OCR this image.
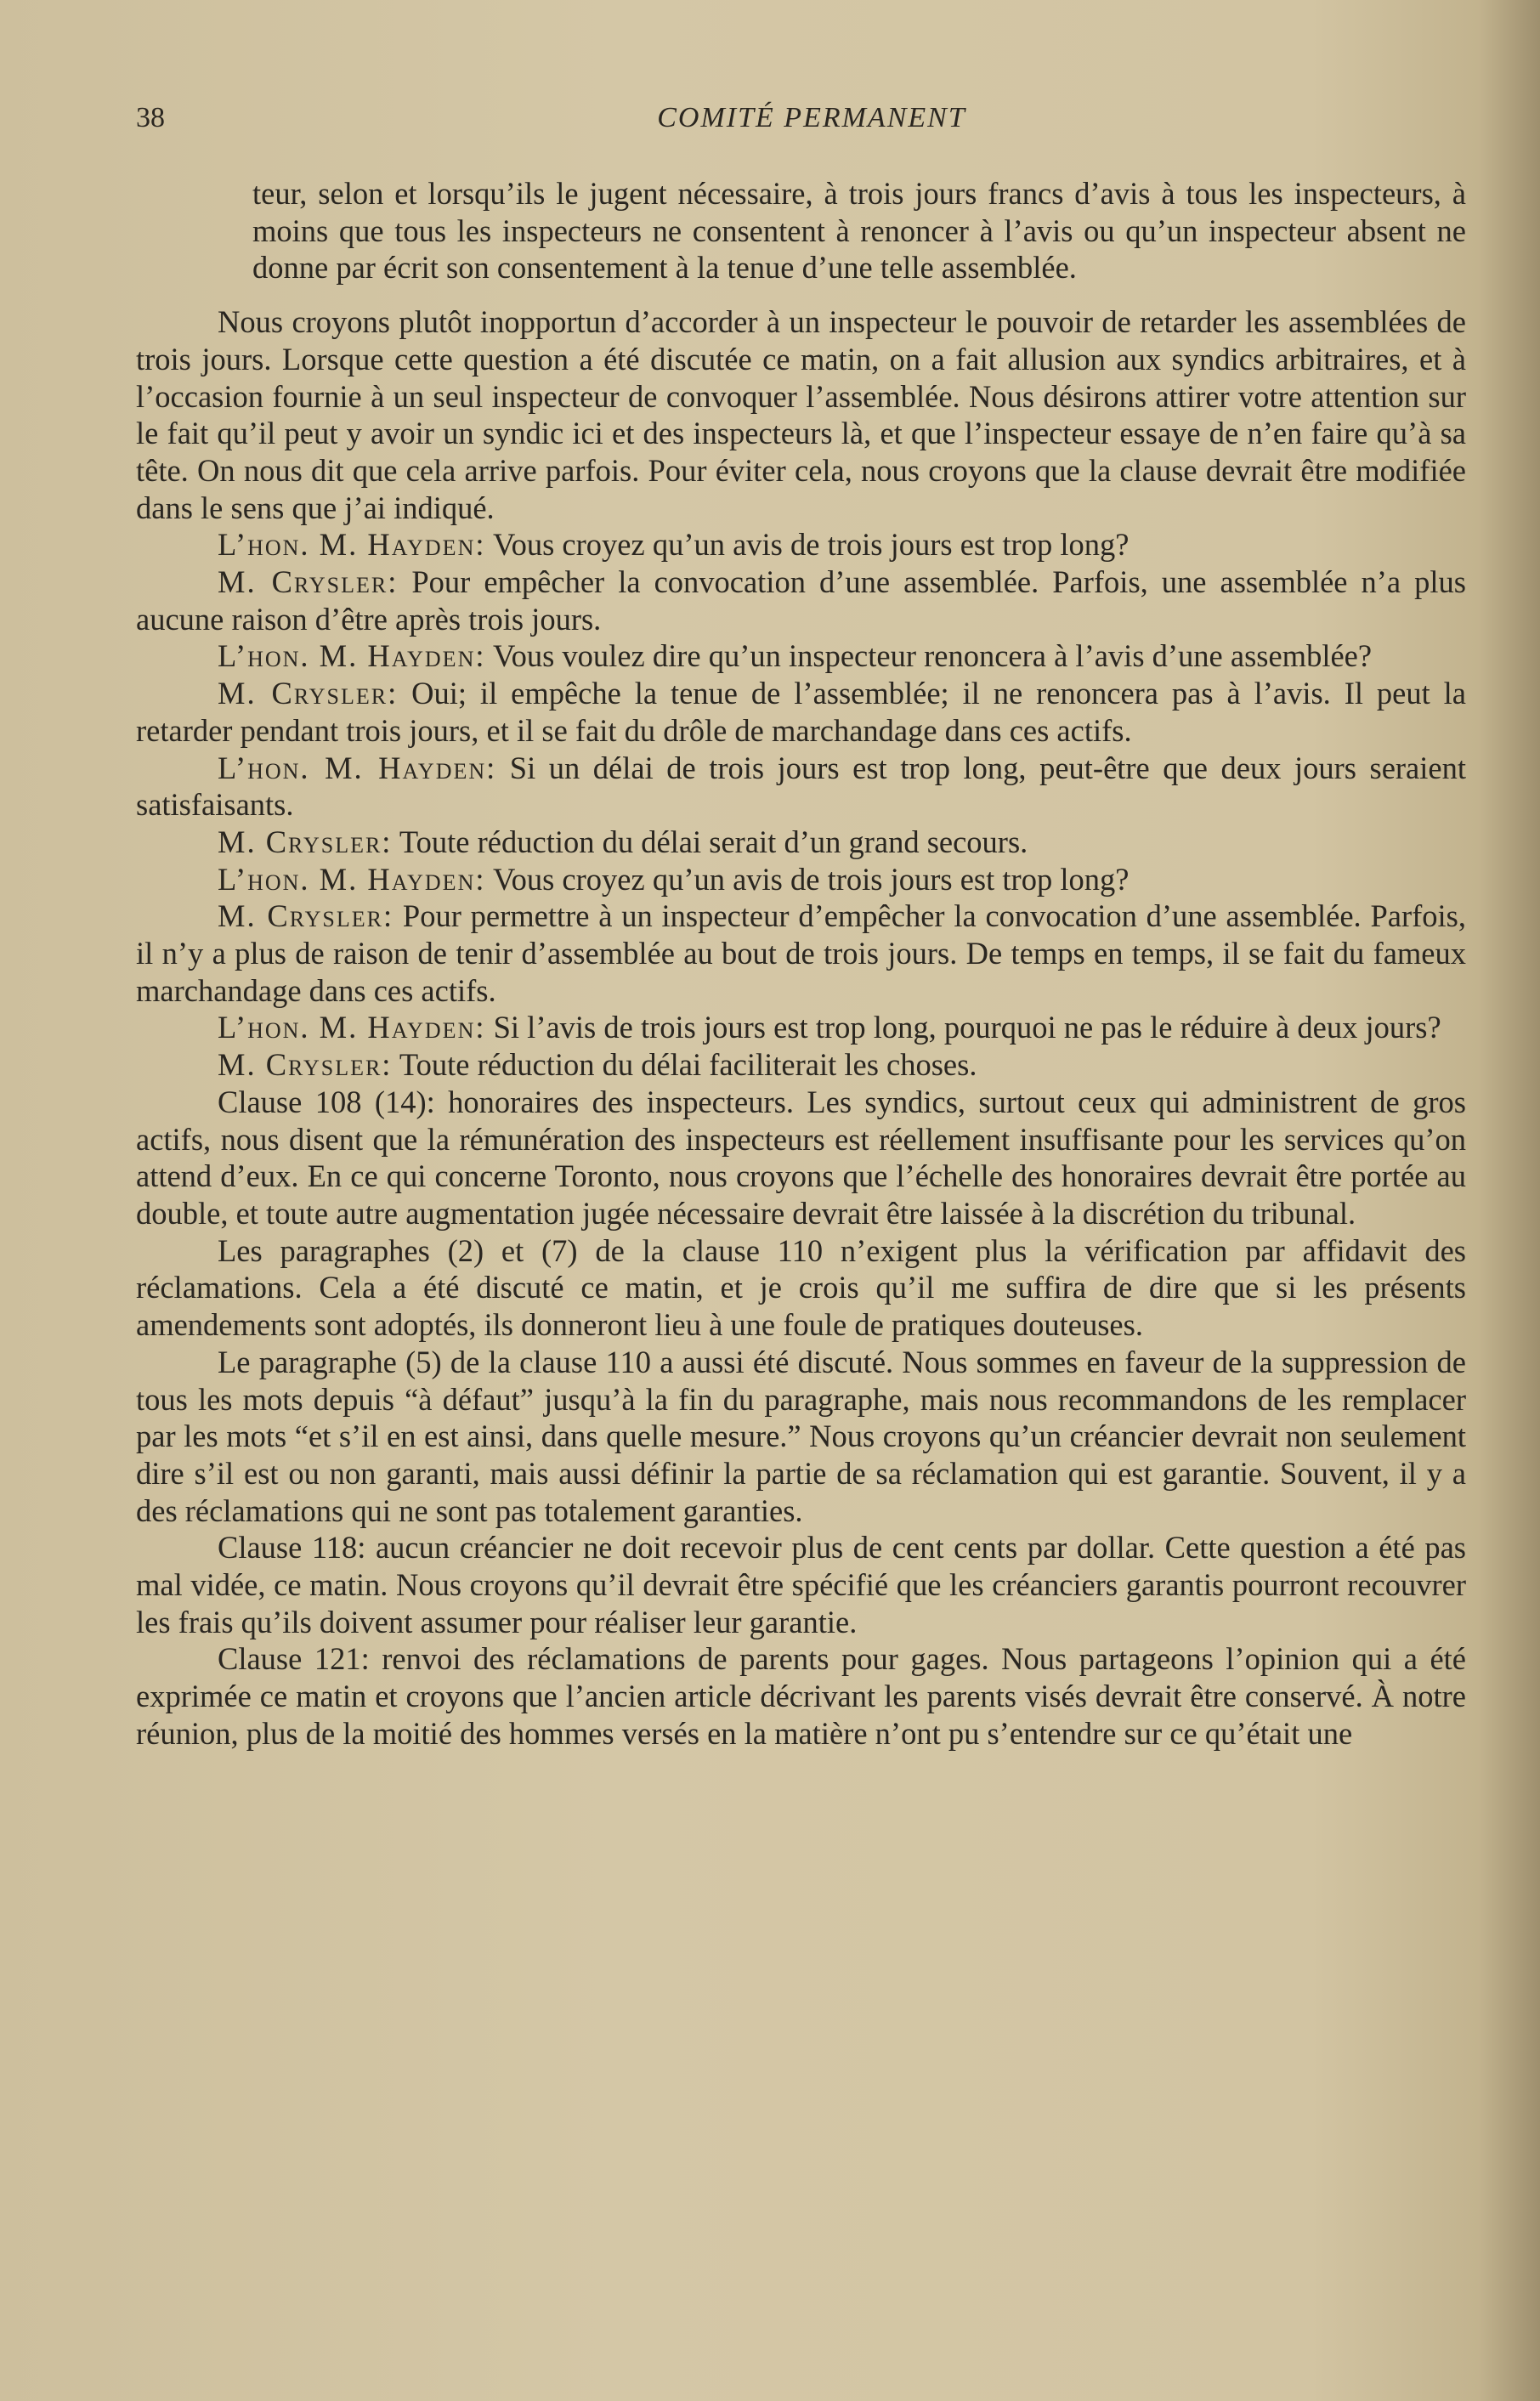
38	COMITÉ PERMANENT

teur, selon et lorsqu’ils le jugent nécessaire, à trois jours francs d’avis à tous les inspecteurs, à moins que tous les inspecteurs ne consentent à renoncer à l’avis ou qu’un inspecteur absent ne donne par écrit son consentement à la tenue d’une telle assemblée.

Nous croyons plutôt inopportun d’accorder à un inspecteur le pouvoir de retarder les assemblées de trois jours. Lorsque cette question a été discutée ce matin, on a fait allusion aux syndics arbitraires, et à l’occasion fournie à un seul inspecteur de convoquer l’assemblée. Nous désirons attirer votre attention sur le fait qu’il peut y avoir un syndic ici et des inspecteurs là, et que l’inspecteur essaye de n’en faire qu’à sa tête. On nous dit que cela arrive parfois. Pour éviter cela, nous croyons que la clause devrait être modifiée dans le sens que j’ai indiqué.

L’hon. M. Hayden: Vous croyez qu’un avis de trois jours est trop long?

M. Crysler: Pour empêcher la convocation d’une assemblée. Parfois, une assemblée n’a plus aucune raison d’être après trois jours.

L’hon. M. Hayden: Vous voulez dire qu’un inspecteur renoncera à l’avis d’une assemblée?

M. Crysler: Oui; il empêche la tenue de l’assemblée; il ne renoncera pas à l’avis. Il peut la retarder pendant trois jours, et il se fait du drôle de marchandage dans ces actifs.

L’hon. M. Hayden: Si un délai de trois jours est trop long, peut-être que deux jours seraient satisfaisants.

M. Crysler: Toute réduction du délai serait d’un grand secours.

L’hon. M. Hayden: Vous croyez qu’un avis de trois jours est trop long?

M. Crysler: Pour permettre à un inspecteur d’empêcher la convocation d’une assemblée. Parfois, il n’y a plus de raison de tenir d’assemblée au bout de trois jours. De temps en temps, il se fait du fameux marchandage dans ces actifs.

L’hon. M. Hayden: Si l’avis de trois jours est trop long, pourquoi ne pas le réduire à deux jours?

M. Crysler: Toute réduction du délai faciliterait les choses.

Clause 108 (14): honoraires des inspecteurs. Les syndics, surtout ceux qui administrent de gros actifs, nous disent que la rémunération des inspecteurs est réellement insuffisante pour les services qu’on attend d’eux. En ce qui concerne Toronto, nous croyons que l’échelle des honoraires devrait être portée au double, et toute autre augmentation jugée nécessaire devrait être laissée à la discrétion du tribunal.

Les paragraphes (2) et (7) de la clause 110 n’exigent plus la vérification par affidavit des réclamations. Cela a été discuté ce matin, et je crois qu’il me suffira de dire que si les présents amendements sont adoptés, ils donneront lieu à une foule de pratiques douteuses.

Le paragraphe (5) de la clause 110 a aussi été discuté. Nous sommes en faveur de la suppression de tous les mots depuis “à défaut” jusqu’à la fin du paragraphe, mais nous recommandons de les remplacer par les mots “et s’il en est ainsi, dans quelle mesure.” Nous croyons qu’un créancier devrait non seulement dire s’il est ou non garanti, mais aussi définir la partie de sa réclamation qui est garantie. Souvent, il y a des réclamations qui ne sont pas totalement garanties.

Clause 118: aucun créancier ne doit recevoir plus de cent cents par dollar. Cette question a été pas mal vidée, ce matin. Nous croyons qu’il devrait être spécifié que les créanciers garantis pourront recouvrer les frais qu’ils doivent assumer pour réaliser leur garantie.

Clause 121: renvoi des réclamations de parents pour gages. Nous partageons l’opinion qui a été exprimée ce matin et croyons que l’ancien article décrivant les parents visés devrait être conservé. À notre réunion, plus de la moitié des hommes versés en la matière n’ont pu s’entendre sur ce qu’était une
